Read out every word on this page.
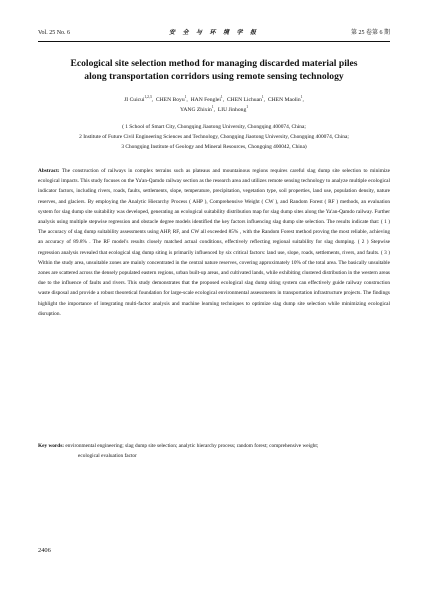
Vol. 25 No. 6	安 全 与 环 境 学 报	第 25 卷第 6 期
Ecological site selection method for managing discarded material piles
along transportation corridors using remote sensing technology
JI Cuicui$^{1,2,3}$,  CHEN Boyu$^1$,  HAN Fenglei$^1$,  CHEN Lichuan$^1$,  CHEN Maolin$^1$,
YANG Zhixin$^1$,  LIU Jinhong$^1$
( 1 School of Smart City, Chongqing Jiaotong University, Chongqing 400074, China;
2 Institute of Future Civil Engineering Sciences and Technology, Chongqing Jiaotong University, Chongqing 400074, China;
3 Chongqing Institute of Geology and Mineral Resources, Chongqing 400042, China)
Abstract: The construction of railways in complex terrains such as plateaus and mountainous regions requires careful slag dump site selection to minimize ecological impacts. This study focuses on the Ya'an-Qamdo railway section as the research area and utilizes remote sensing technology to analyze multiple ecological indicator factors, including rivers, roads, faults, settlements, slope, temperature, precipitation, vegetation type, soil properties, land use, population density, nature reserves, and glaciers. By employing the Analytic Hierarchy Process ( AHP ), Comprehensive Weight ( CW ), and Random Forest ( RF ) methods, an evaluation system for slag dump site suitability was developed, generating an ecological suitability distribution map for slag dump sites along the Ya'an-Qamdo railway. Further analysis using multiple stepwise regression and obstacle degree models identified the key factors influencing slag dump site selection. The results indicate that: ( 1 ) The accuracy of slag dump suitability assessments using AHP, RF, and CW all exceeded 85% , with the Random Forest method proving the most reliable, achieving an accuracy of 89.8% . The RF model's results closely matched actual conditions, effectively reflecting regional suitability for slag dumping. ( 2 ) Stepwise regression analysis revealed that ecological slag dump siting is primarily influenced by six critical factors: land use, slope, roads, settlements, rivers, and faults. ( 3 ) Within the study area, unsuitable zones are mainly concentrated in the central nature reserves, covering approximately 10% of the total area. The basically unsuitable zones are scattered across the densely populated eastern regions, urban built-up areas, and cultivated lands, while exhibiting clustered distribution in the western areas due to the influence of faults and rivers. This study demonstrates that the proposed ecological slag dump siting system can effectively guide railway construction waste disposal and provide a robust theoretical foundation for large-scale ecological environmental assessments in transportation infrastructure projects. The findings highlight the importance of integrating multi-factor analysis and machine learning techniques to optimize slag dump site selection while minimizing ecological disruption.
Key words: environmental engineering; slag dump site selection; analytic hierarchy process; random forest; comprehensive weight;
ecological evaluation factor
2406
